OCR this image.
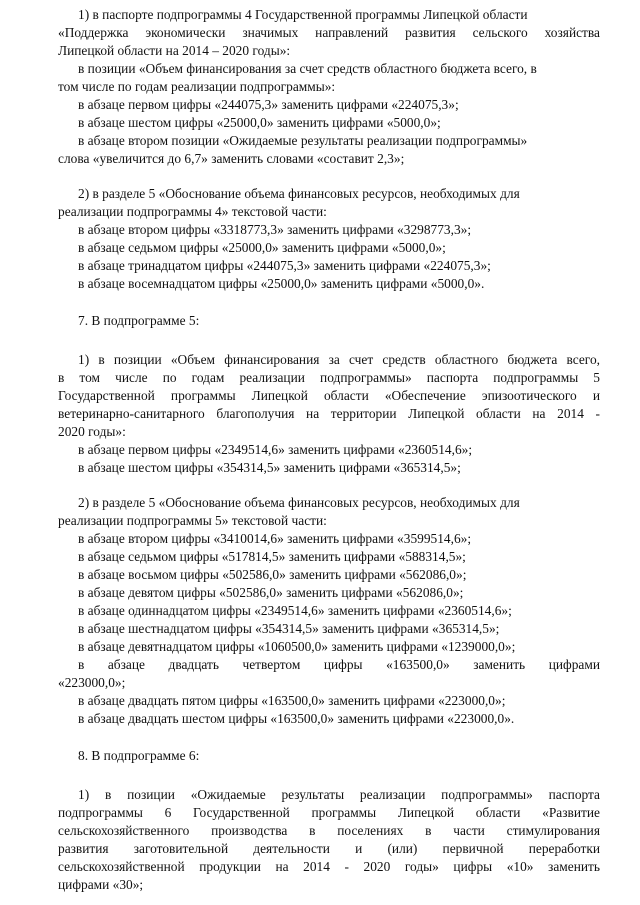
1) в паспорте подпрограммы 4 Государственной программы Липецкой области
«Поддержка экономически значимых направлений развития сельского хозяйства
Липецкой области на 2014 – 2020 годы»:
в позиции «Объем финансирования за счет средств областного бюджета всего, в
том числе по годам реализации подпрограммы»:
в абзаце первом цифры «244075,3» заменить цифрами «224075,3»;
в абзаце шестом цифры «25000,0» заменить цифрами «5000,0»;
в абзаце втором позиции «Ожидаемые результаты реализации подпрограммы»
слова «увеличится до 6,7» заменить словами «составит 2,3»;
2) в разделе 5 «Обоснование объема финансовых ресурсов, необходимых для
реализации подпрограммы 4» текстовой части:
в абзаце втором цифры «3318773,3» заменить цифрами «3298773,3»;
в абзаце седьмом цифры «25000,0» заменить цифрами «5000,0»;
в абзаце тринадцатом цифры «244075,3» заменить цифрами «224075,3»;
в абзаце восемнадцатом цифры «25000,0» заменить цифрами «5000,0».
7. В подпрограмме 5:
1) в позиции «Объем финансирования за счет средств областного бюджета всего,
в том числе по годам реализации подпрограммы» паспорта подпрограммы 5
Государственной программы Липецкой области «Обеспечение эпизоотического и
ветеринарно-санитарного благополучия на территории Липецкой области на 2014 -
2020 годы»:
в абзаце первом цифры «2349514,6» заменить цифрами «2360514,6»;
в абзаце шестом цифры «354314,5» заменить цифрами «365314,5»;
2) в разделе 5 «Обоснование объема финансовых ресурсов, необходимых для
реализации подпрограммы 5» текстовой части:
в абзаце втором цифры «3410014,6» заменить цифрами «3599514,6»;
в абзаце седьмом цифры «517814,5» заменить цифрами «588314,5»;
в абзаце восьмом цифры «502586,0» заменить цифрами «562086,0»;
в абзаце девятом цифры «502586,0» заменить цифрами «562086,0»;
в абзаце одиннадцатом цифры «2349514,6» заменить цифрами «2360514,6»;
в абзаце шестнадцатом цифры «354314,5» заменить цифрами «365314,5»;
в абзаце девятнадцатом цифры «1060500,0» заменить цифрами «1239000,0»;
в абзаце двадцать четвертом цифры «163500,0» заменить цифрами
«223000,0»;
в абзаце двадцать пятом цифры «163500,0» заменить цифрами «223000,0»;
в абзаце двадцать шестом цифры «163500,0» заменить цифрами «223000,0».
8. В подпрограмме 6:
1) в позиции «Ожидаемые результаты реализации подпрограммы» паспорта
подпрограммы 6 Государственной программы Липецкой области «Развитие
сельскохозяйственного производства в поселениях в части стимулирования
развития заготовительной деятельности и (или) первичной переработки
сельскохозяйственной продукции на 2014 - 2020 годы» цифры «10» заменить
цифрами «30»;
